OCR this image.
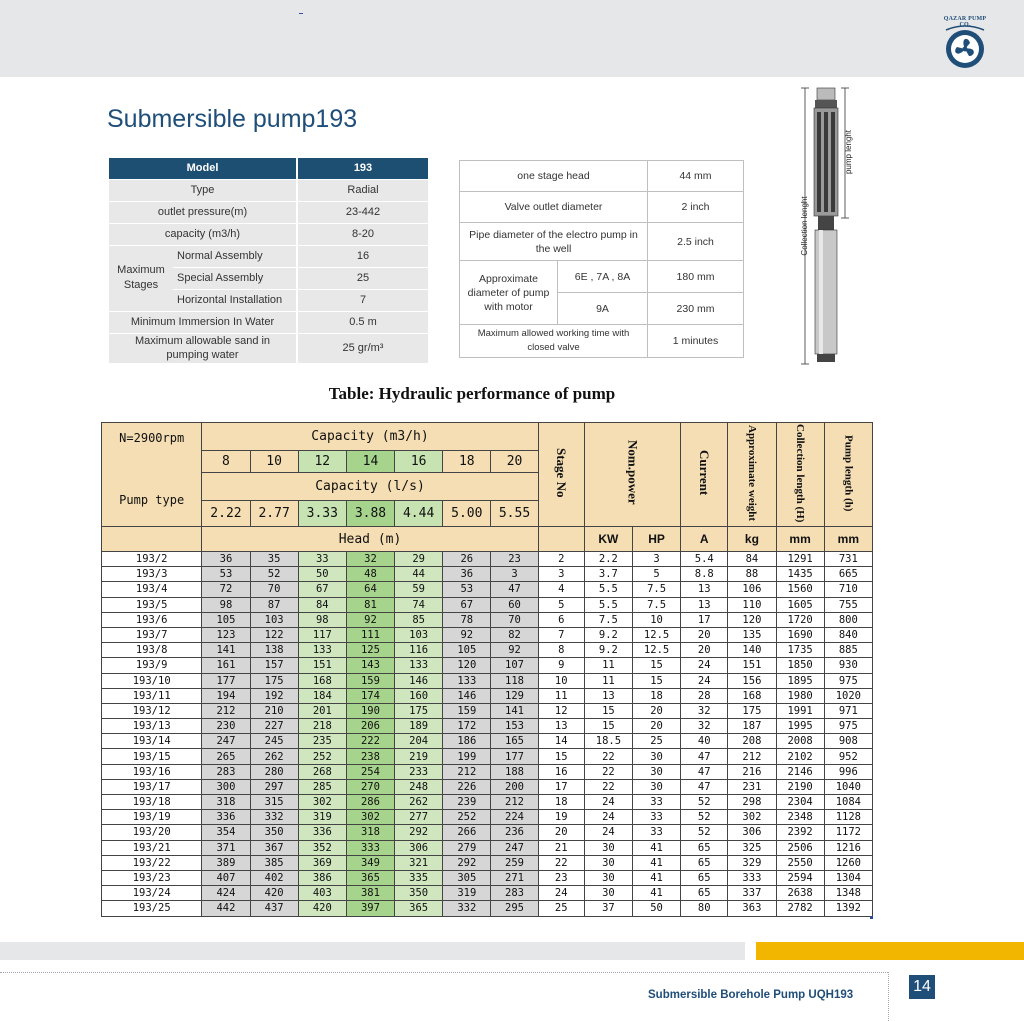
QAZAR PUMP CO.
Submersible pump193
Model		193
Type		Radial
outlet pressure(m)		23-442
capacity (m3/h)		8-20
Maximum Stages	Normal Assembly	16
	Special Assembly	25
	Horizontal Installation	7
Minimum Immersion In Water		0.5 m
Maximum allowable sand in pumping water		25 gr/m³
one stage head		44 mm
Valve outlet diameter		2 inch
Pipe diameter of the electro pump in the well		2.5 inch
Approximate diameter of pump with motor	6E , 7A , 8A	180 mm
	9A	230 mm
Maximum allowed working time with closed valve		1 minutes
Collection lenght
pump lenght
Table: Hydraulic performance of pump
N=2900rpm
Pump type	Capacity (m3/h)							Stage No	Nom.power		Current	Approximate weight	Collection length (H)	Pump length (h)
	8	10	12	14	16	18	20							
	Capacity (l/s)													
	2.22	2.77	3.33	3.88	4.44	5.00	5.55							
	Head (m)								KW	HP	A	kg	mm	mm
193/2	36	35	33	32	29	26	23	2	2.2	3	5.4	84	1291	731
193/3	53	52	50	48	44	36	3	3	3.7	5	8.8	88	1435	665
193/4	72	70	67	64	59	53	47	4	5.5	7.5	13	106	1560	710
193/5	98	87	84	81	74	67	60	5	5.5	7.5	13	110	1605	755
193/6	105	103	98	92	85	78	70	6	7.5	10	17	120	1720	800
193/7	123	122	117	111	103	92	82	7	9.2	12.5	20	135	1690	840
193/8	141	138	133	125	116	105	92	8	9.2	12.5	20	140	1735	885
193/9	161	157	151	143	133	120	107	9	11	15	24	151	1850	930
193/10	177	175	168	159	146	133	118	10	11	15	24	156	1895	975
193/11	194	192	184	174	160	146	129	11	13	18	28	168	1980	1020
193/12	212	210	201	190	175	159	141	12	15	20	32	175	1991	971
193/13	230	227	218	206	189	172	153	13	15	20	32	187	1995	975
193/14	247	245	235	222	204	186	165	14	18.5	25	40	208	2008	908
193/15	265	262	252	238	219	199	177	15	22	30	47	212	2102	952
193/16	283	280	268	254	233	212	188	16	22	30	47	216	2146	996
193/17	300	297	285	270	248	226	200	17	22	30	47	231	2190	1040
193/18	318	315	302	286	262	239	212	18	24	33	52	298	2304	1084
193/19	336	332	319	302	277	252	224	19	24	33	52	302	2348	1128
193/20	354	350	336	318	292	266	236	20	24	33	52	306	2392	1172
193/21	371	367	352	333	306	279	247	21	30	41	65	325	2506	1216
193/22	389	385	369	349	321	292	259	22	30	41	65	329	2550	1260
193/23	407	402	386	365	335	305	271	23	30	41	65	333	2594	1304
193/24	424	420	403	381	350	319	283	24	30	41	65	337	2638	1348
193/25	442	437	420	397	365	332	295	25	37	50	80	363	2782	1392
Submersible Borehole Pump UQH193	14
